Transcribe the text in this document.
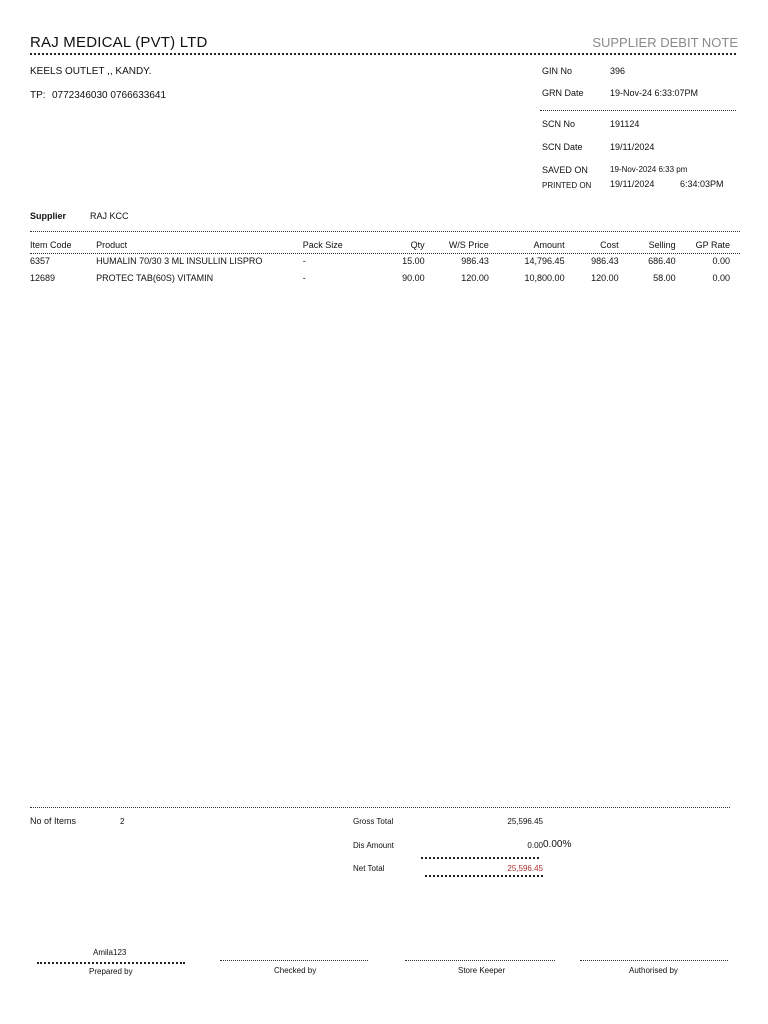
RAJ MEDICAL (PVT) LTD	SUPPLIER DEBIT NOTE
KEELS OUTLET ,, KANDY.
TP: 0772346030 0766633641
GIN No	396
GRN Date	19-Nov-24 6:33:07PM
SCN No	191124
SCN Date	19/11/2024
SAVED ON	19-Nov-2024 6:33 pm
PRINTED ON 19/11/2024	6:34:03PM
Supplier	RAJ KCC
Item Code	Product	Pack Size	Qty	W/S Price	Amount	Cost	Selling	GP Rate
6357	HUMALIN 70/30 3 ML INSULLIN LISPRO	-	15.00	986.43	14,796.45	986.43	686.40	0.00
12689	PROTEC TAB(60S) VITAMIN	-	90.00	120.00	10,800.00	120.00	58.00	0.00
No of Items	2	Gross Total	25,596.45
Dis Amount	0.00 0.00%
Net Total	25,596.45
Amila123
Prepared by	Checked by	Store Keeper	Authorised by
